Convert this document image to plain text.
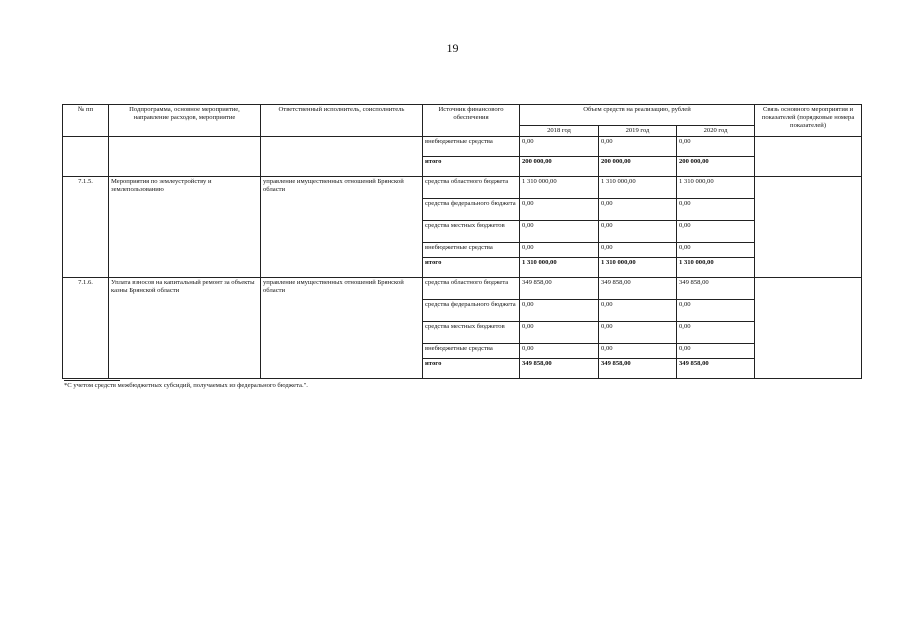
19
№ пп	Подпрограмма, основное мероприятие, направление расходов, мероприятие	Ответственный исполнитель, соисполнитель	Источник финансового обеспечения	Объем средств на реализацию, рублей			Связь основного мероприятия и показателей (порядковые номера показателей)
				2018 год	2019 год	2020 год	
			внебюджетные средства	0,00	0,00	0,00	
			итого	200 000,00	200 000,00	200 000,00	
7.1.5.	Мероприятия по землеустройству и землепользованию	управление имущественных отношений Брянской области	средства областного бюджета	1 310 000,00	1 310 000,00	1 310 000,00	
			средства федерального бюджета	0,00	0,00	0,00	
			средства местных бюджетов	0,00	0,00	0,00	
			внебюджетные средства	0,00	0,00	0,00	
			итого	1 310 000,00	1 310 000,00	1 310 000,00	
7.1.6.	Уплата взносов на капитальный ремонт за объекты казны Брянской области	управление имущественных отношений Брянской области	средства областного бюджета	349 858,00	349 858,00	349 858,00	
			средства федерального бюджета	0,00	0,00	0,00	
			средства местных бюджетов	0,00	0,00	0,00	
			внебюджетные средства	0,00	0,00	0,00	
			итого	349 858,00	349 858,00	349 858,00	
*С учетом средств межбюджетных субсидий, получаемых из федерального бюджета.".
